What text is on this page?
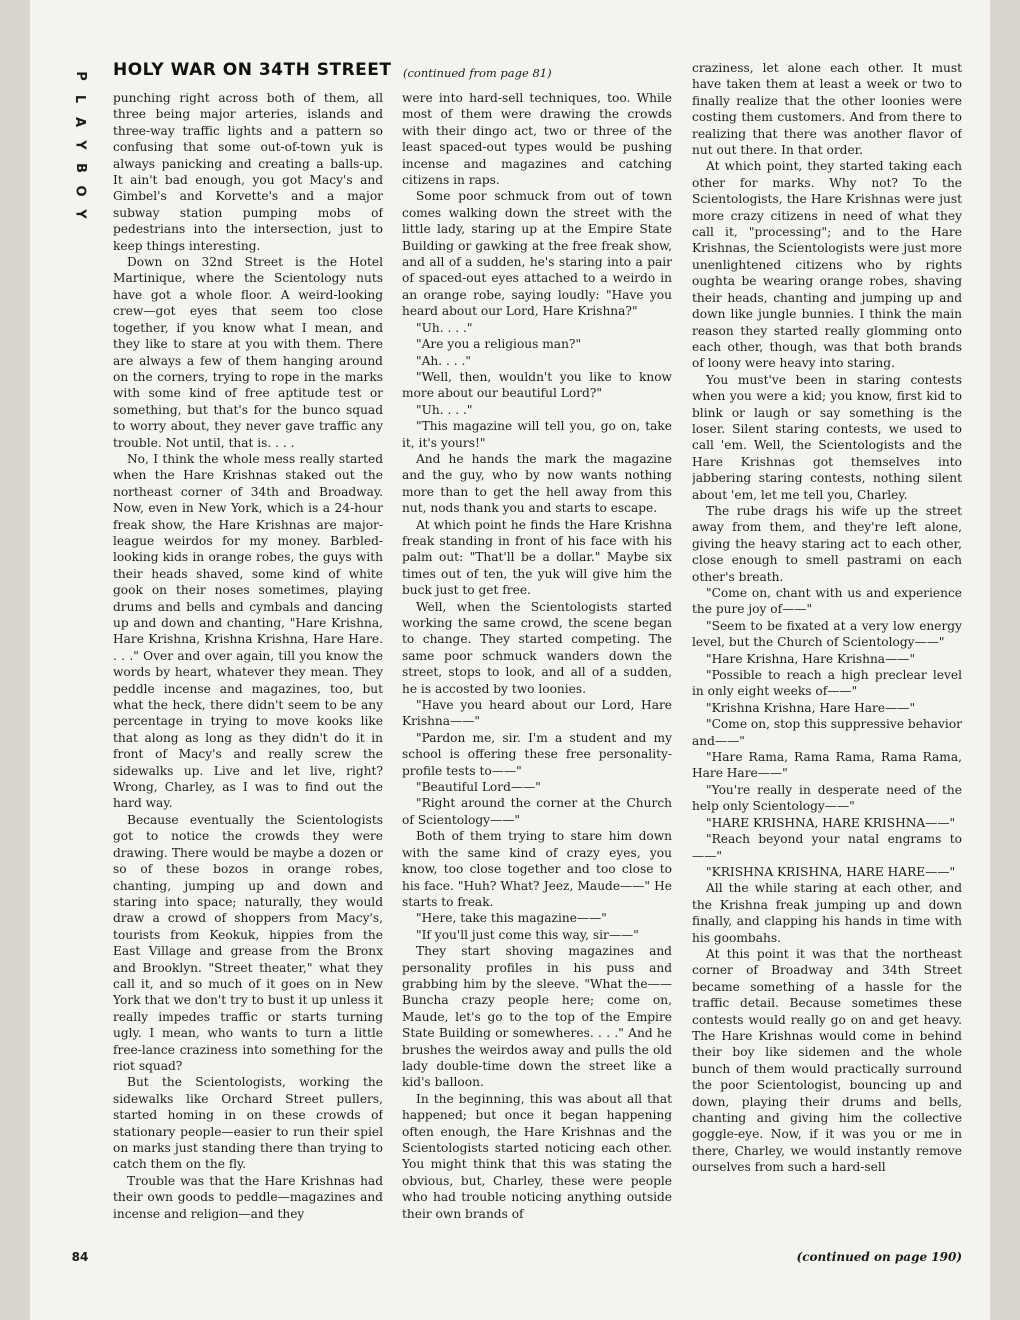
P
L
A
Y
B
O
Y
84
HOLY WAR ON 34TH STREET (continued from page 81)

punching right across both of them, all three being major arteries, islands and three-way traffic lights and a pattern so confusing that some out-of-town yuk is always panicking and creating a balls-up. It ain't bad enough, you got Macy's and Gimbel's and Korvette's and a major subway station pumping mobs of pedestrians into the intersection, just to keep things interesting.

Down on 32nd Street is the Hotel Martinique, where the Scientology nuts have got a whole floor. A weird-looking crew—got eyes that seem too close together, if you know what I mean, and they like to stare at you with them. There are always a few of them hanging around on the corners, trying to rope in the marks with some kind of free aptitude test or something, but that's for the bunco squad to worry about, they never gave traffic any trouble. Not until, that is. . . .

No, I think the whole mess really started when the Hare Krishnas staked out the northeast corner of 34th and Broadway. Now, even in New York, which is a 24-hour freak show, the Hare Krishnas are major-league weirdos for my money. Barbled-looking kids in orange robes, the guys with their heads shaved, some kind of white gook on their noses sometimes, playing drums and bells and cymbals and dancing up and down and chanting, "Hare Krishna, Hare Krishna, Krishna Krishna, Hare Hare. . . ." Over and over again, till you know the words by heart, whatever they mean. They peddle incense and magazines, too, but what the heck, there didn't seem to be any percentage in trying to move kooks like that along as long as they didn't do it in front of Macy's and really screw the sidewalks up. Live and let live, right? Wrong, Charley, as I was to find out the hard way.

Because eventually the Scientologists got to notice the crowds they were drawing. There would be maybe a dozen or so of these bozos in orange robes, chanting, jumping up and down and staring into space; naturally, they would draw a crowd of shoppers from Macy's, tourists from Keokuk, hippies from the East Village and grease from the Bronx and Brooklyn. "Street theater," what they call it, and so much of it goes on in New York that we don't try to bust it up unless it really impedes traffic or starts turning ugly. I mean, who wants to turn a little free-lance craziness into something for the riot squad?

But the Scientologists, working the sidewalks like Orchard Street pullers, started homing in on these crowds of stationary people—easier to run their spiel on marks just standing there than trying to catch them on the fly.

Trouble was that the Hare Krishnas had their own goods to peddle—magazines and incense and religion—and they

were into hard-sell techniques, too. While most of them were drawing the crowds with their dingo act, two or three of the least spaced-out types would be pushing incense and magazines and catching citizens in raps.

Some poor schmuck from out of town comes walking down the street with the little lady, staring up at the Empire State Building or gawking at the free freak show, and all of a sudden, he's staring into a pair of spaced-out eyes attached to a weirdo in an orange robe, saying loudly: "Have you heard about our Lord, Hare Krishna?"

"Uh. . . ."

"Are you a religious man?"

"Ah. . . ."

"Well, then, wouldn't you like to know more about our beautiful Lord?"

"Uh. . . ."

"This magazine will tell you, go on, take it, it's yours!"

And he hands the mark the magazine and the guy, who by now wants nothing more than to get the hell away from this nut, nods thank you and starts to escape.

At which point he finds the Hare Krishna freak standing in front of his face with his palm out: "That'll be a dollar." Maybe six times out of ten, the yuk will give him the buck just to get free.

Well, when the Scientologists started working the same crowd, the scene began to change. They started competing. The same poor schmuck wanders down the street, stops to look, and all of a sudden, he is accosted by two loonies.

"Have you heard about our Lord, Hare Krishna——"

"Pardon me, sir. I'm a student and my school is offering these free personality-profile tests to——"

"Beautiful Lord——"

"Right around the corner at the Church of Scientology——"

Both of them trying to stare him down with the same kind of crazy eyes, you know, too close together and too close to his face. "Huh? What? Jeez, Maude——" He starts to freak.

"Here, take this magazine——"

"If you'll just come this way, sir——"

They start shoving magazines and personality profiles in his puss and grabbing him by the sleeve. "What the—— Buncha crazy people here; come on, Maude, let's go to the top of the Empire State Building or somewheres. . . ." And he brushes the weirdos away and pulls the old lady double-time down the street like a kid's balloon.

In the beginning, this was about all that happened; but once it began happening often enough, the Hare Krishnas and the Scientologists started noticing each other. You might think that this was stating the obvious, but, Charley, these were people who had trouble noticing anything outside their own brands of

craziness, let alone each other. It must have taken them at least a week or two to finally realize that the other loonies were costing them customers. And from there to realizing that there was another flavor of nut out there. In that order.

At which point, they started taking each other for marks. Why not? To the Scientologists, the Hare Krishnas were just more crazy citizens in need of what they call it, "processing"; and to the Hare Krishnas, the Scientologists were just more unenlightened citizens who by rights oughta be wearing orange robes, shaving their heads, chanting and jumping up and down like jungle bunnies. I think the main reason they started really glomming onto each other, though, was that both brands of loony were heavy into staring.

You must've been in staring contests when you were a kid; you know, first kid to blink or laugh or say something is the loser. Silent staring contests, we used to call 'em. Well, the Scientologists and the Hare Krishnas got themselves into jabbering staring contests, nothing silent about 'em, let me tell you, Charley.

The rube drags his wife up the street away from them, and they're left alone, giving the heavy staring act to each other, close enough to smell pastrami on each other's breath.

"Come on, chant with us and experience the pure joy of——"

"Seem to be fixated at a very low energy level, but the Church of Scientology——"

"Hare Krishna, Hare Krishna——"

"Possible to reach a high preclear level in only eight weeks of——"

"Krishna Krishna, Hare Hare——"

"Come on, stop this suppressive behavior and——"

"Hare Rama, Rama Rama, Rama Rama, Hare Hare——"

"You're really in desperate need of the help only Scientology——"

"HARE KRISHNA, HARE KRISHNA——"

"Reach beyond your natal engrams to——"

"KRISHNA KRISHNA, HARE HARE——"

All the while staring at each other, and the Krishna freak jumping up and down finally, and clapping his hands in time with his goombahs.

At this point it was that the northeast corner of Broadway and 34th Street became something of a hassle for the traffic detail. Because sometimes these contests would really go on and get heavy. The Hare Krishnas would come in behind their boy like sidemen and the whole bunch of them would practically surround the poor Scientologist, bouncing up and down, playing their drums and bells, chanting and giving him the collective goggle-eye. Now, if it was you or me in there, Charley, we would instantly remove ourselves from such a hard-sell

(continued on page 190)
